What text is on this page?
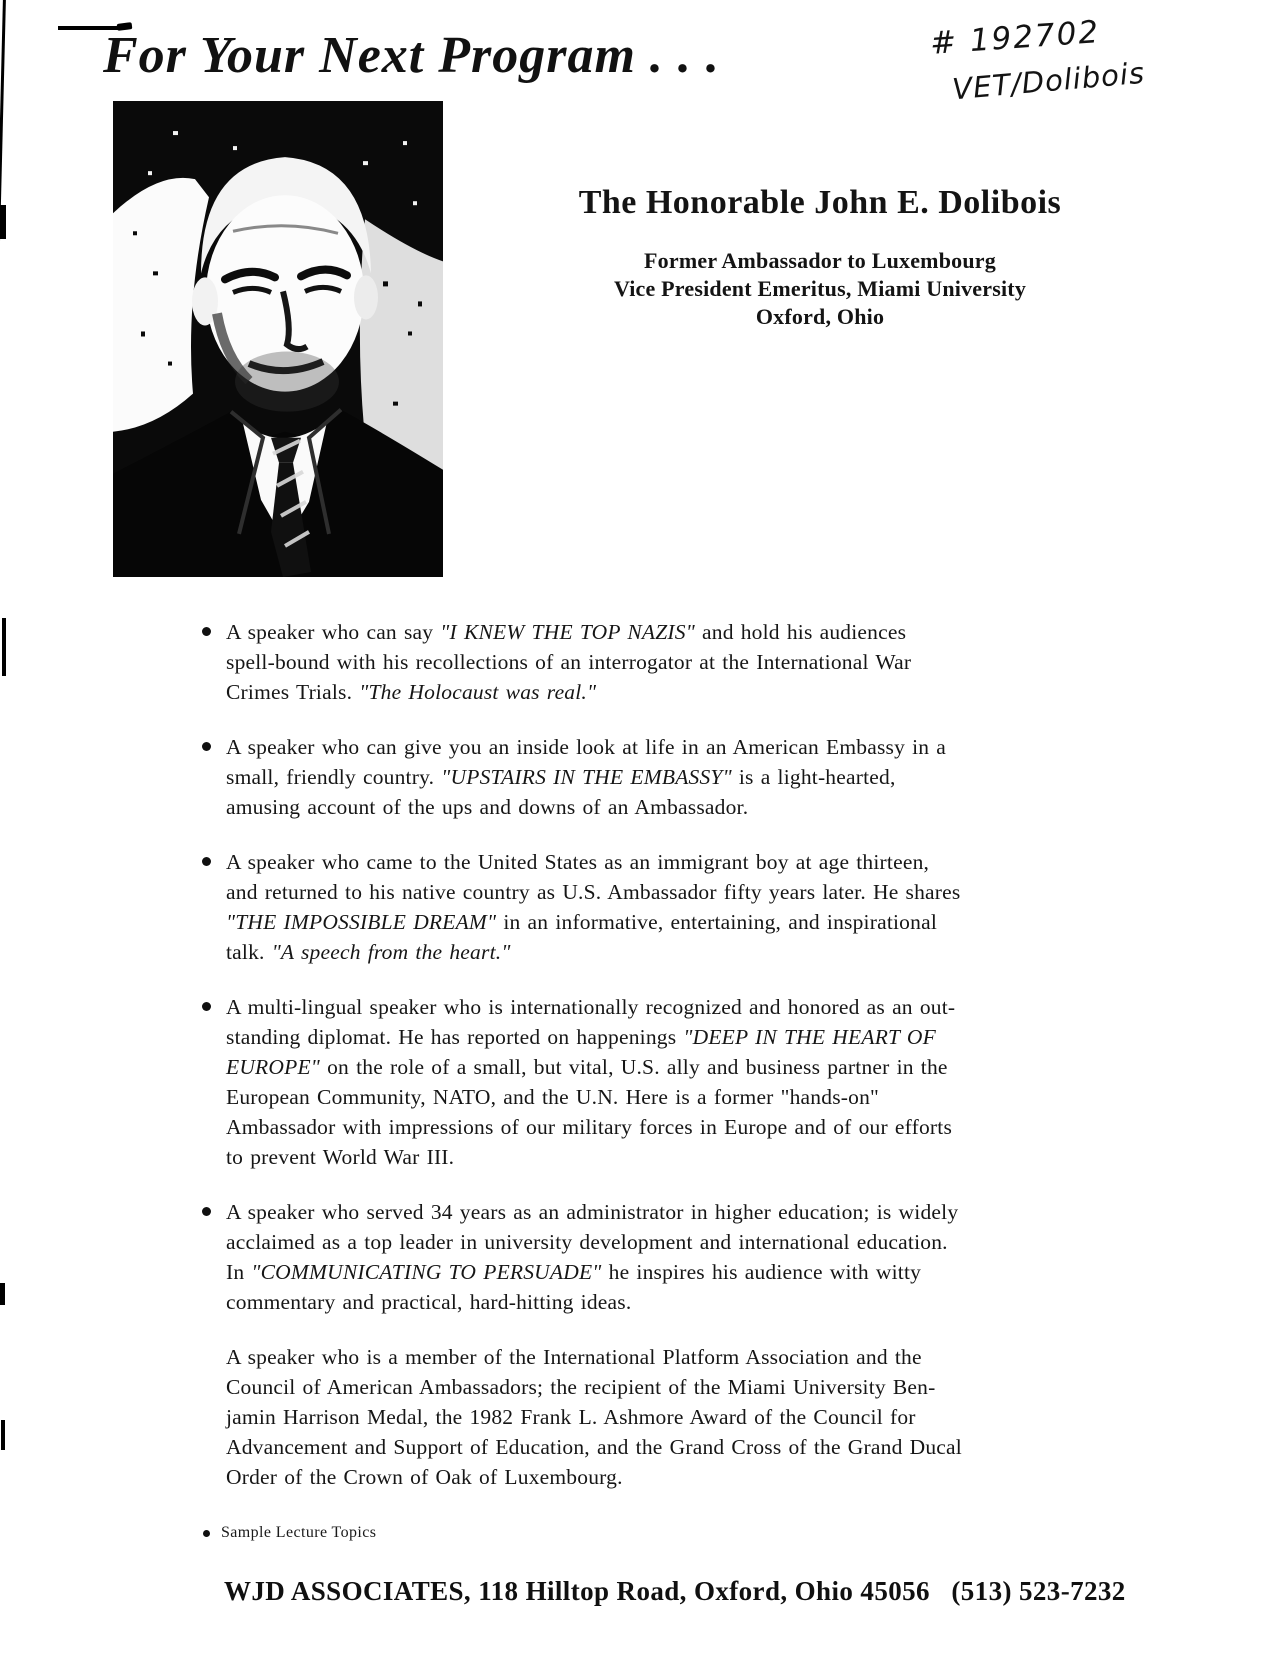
For Your Next Program . . .	# 192702
VET/Dolibois
The Honorable John E. Dolibois
Former Ambassador to Luxembourg
Vice President Emeritus, Miami University
Oxford, Ohio
A speaker who can say "I KNEW THE TOP NAZIS" and hold his audiences
spell-bound with his recollections of an interrogator at the International War
Crimes Trials. "The Holocaust was real."
A speaker who can give you an inside look at life in an American Embassy in a
small, friendly country. "UPSTAIRS IN THE EMBASSY" is a light-hearted,
amusing account of the ups and downs of an Ambassador.
A speaker who came to the United States as an immigrant boy at age thirteen,
and returned to his native country as U.S. Ambassador fifty years later. He shares
"THE IMPOSSIBLE DREAM" in an informative, entertaining, and inspirational
talk. "A speech from the heart."
A multi-lingual speaker who is internationally recognized and honored as an out-
standing diplomat. He has reported on happenings "DEEP IN THE HEART OF
EUROPE" on the role of a small, but vital, U.S. ally and business partner in the
European Community, NATO, and the U.N. Here is a former "hands-on"
Ambassador with impressions of our military forces in Europe and of our efforts
to prevent World War III.
A speaker who served 34 years as an administrator in higher education; is widely
acclaimed as a top leader in university development and international education.
In "COMMUNICATING TO PERSUADE" he inspires his audience with witty
commentary and practical, hard-hitting ideas.
A speaker who is a member of the International Platform Association and the
Council of American Ambassadors; the recipient of the Miami University Ben-
jamin Harrison Medal, the 1982 Frank L. Ashmore Award of the Council for
Advancement and Support of Education, and the Grand Cross of the Grand Ducal
Order of the Crown of Oak of Luxembourg.
Sample Lecture Topics
WJD ASSOCIATES, 118 Hilltop Road, Oxford, Ohio 45056   (513) 523-7232
